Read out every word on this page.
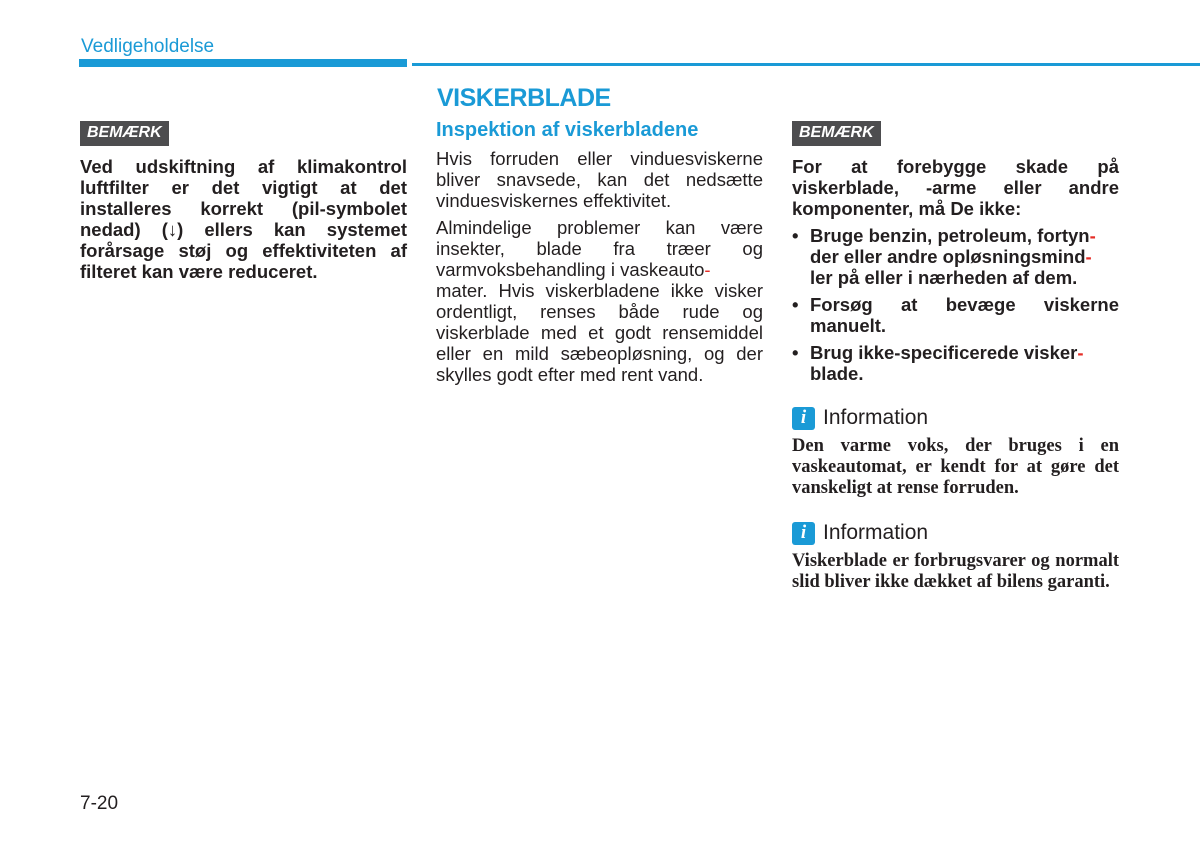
Vedligeholdelse
VISKERBLADE
BEMÆRK

Ved udskiftning af klimakontrol luftfilter er det vigtigt at det installeres korrekt (pil-symbolet nedad) (↓) ellers kan systemet forårsage støj og effektiviteten af filteret kan være reduceret.

Inspektion af viskerbladene

Hvis forruden eller vinduesviskerne bliver snavsede, kan det nedsætte vinduesviskernes effektivitet.

Almindelige problemer kan være insekter, blade fra træer og varmvoksbehandling i vaskeauto-
mater. Hvis viskerbladene ikke visker ordentligt, renses både rude og viskerblade med et godt rensemiddel eller en mild sæbeopløsning, og der skylles godt efter med rent vand.

BEMÆRK

For at forebygge skade på viskerblade, -arme eller andre komponenter, må De ikke:

• Bruge benzin, petroleum, fortyn-
der eller andre opløsningsmind-
ler på eller i nærheden af dem.
• Forsøg at bevæge viskerne manuelt.
• Brug ikke-specificerede visker-
blade.
i Information

Den varme voks, der bruges i en vaskeautomat, er kendt for at gøre det vanskeligt at rense forruden.

i Information

Viskerblade er forbrugsvarer og normalt slid bliver ikke dækket af bilens garanti.

7-20
